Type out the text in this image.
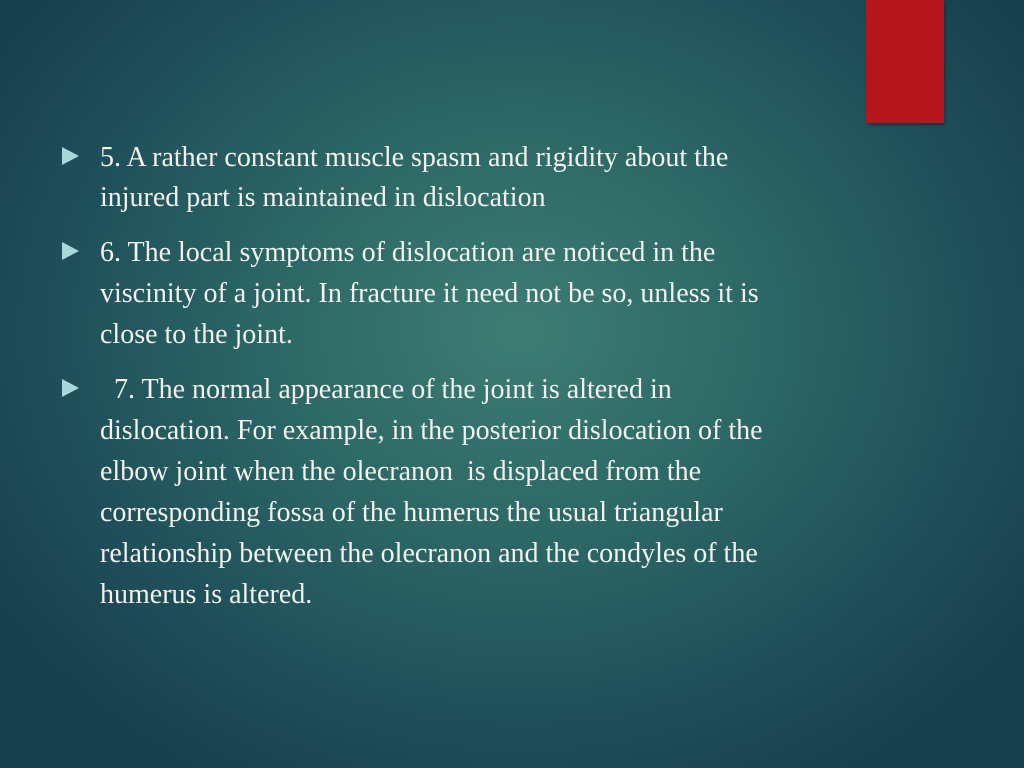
5. A rather constant muscle spasm and rigidity about the
injured part is maintained in dislocation
6. The local symptoms of dislocation are noticed in the
viscinity of a joint. In fracture it need not be so, unless it is
close to the joint.
7. The normal appearance of the joint is altered in
dislocation. For example, in the posterior dislocation of the
elbow joint when the olecranon  is displaced from the
corresponding fossa of the humerus the usual triangular
relationship between the olecranon and the condyles of the
humerus is altered.
